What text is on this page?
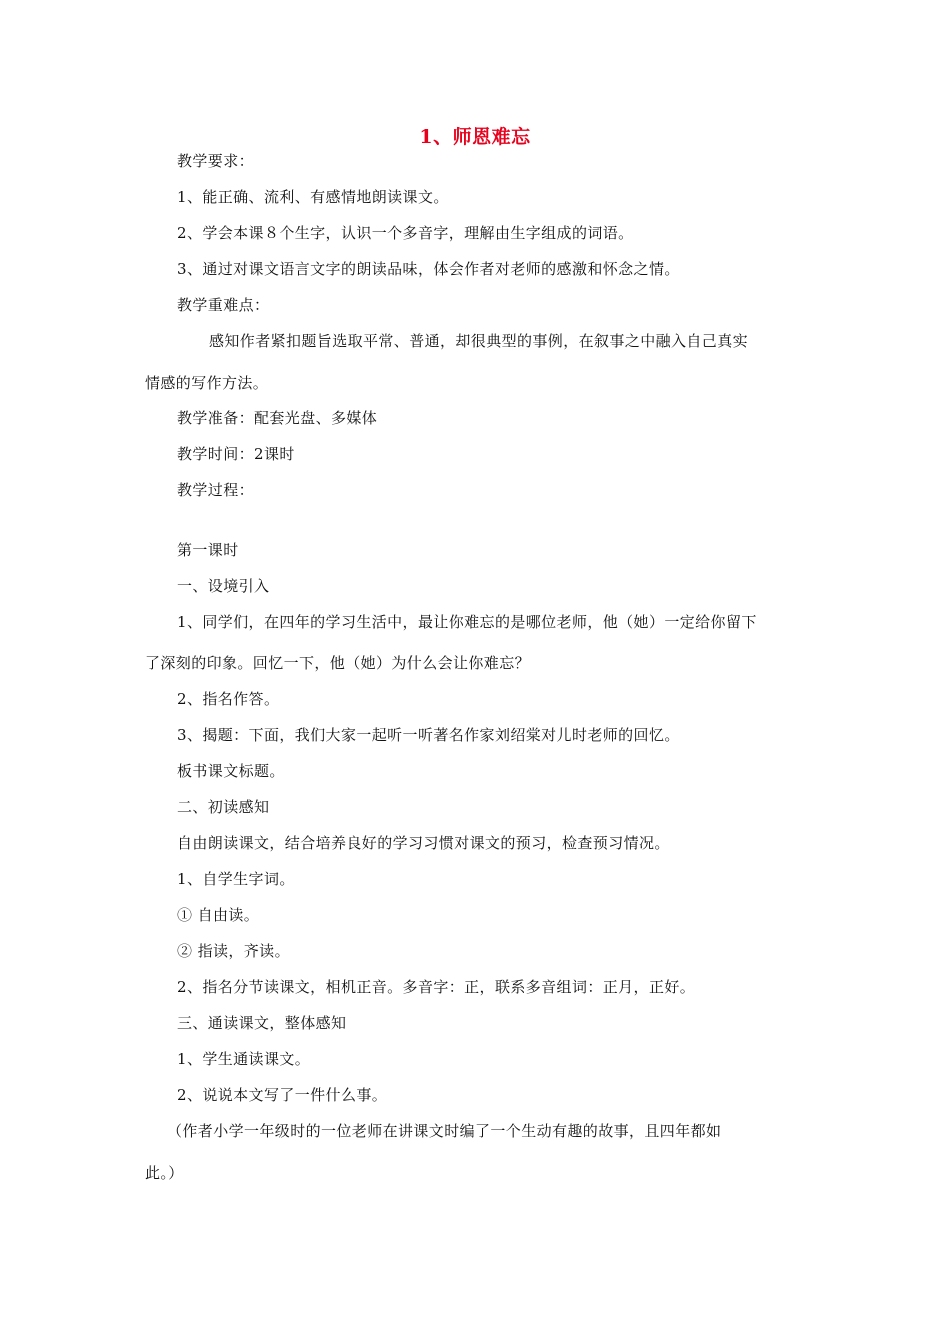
1、师恩难忘
教学要求：
1、能正确、流利、有感情地朗读课文。
2、学会本课８个生字，认识一个多音字，理解由生字组成的词语。
3、通过对课文语言文字的朗读品味，体会作者对老师的感激和怀念之情。
教学重难点：
感知作者紧扣题旨选取平常、普通，却很典型的事例，在叙事之中融入自己真实
情感的写作方法。
教学准备：配套光盘、多媒体
教学时间：2课时
教学过程：
第一课时
一、设境引入
1、同学们，在四年的学习生活中，最让你难忘的是哪位老师，他（她）一定给你留下
了深刻的印象。回忆一下，他（她）为什么会让你难忘？
2、指名作答。
3、揭题：下面，我们大家一起听一听著名作家刘绍棠对儿时老师的回忆。
板书课文标题。
二、初读感知
自由朗读课文，结合培养良好的学习习惯对课文的预习，检查预习情况。
1、自学生字词。
① 自由读。
② 指读，齐读。
2、指名分节读课文，相机正音。多音字：正，联系多音组词：正月，正好。
三、通读课文，整体感知
1、学生通读课文。
2、说说本文写了一件什么事。
（作者小学一年级时的一位老师在讲课文时编了一个生动有趣的故事，且四年都如
此。）
